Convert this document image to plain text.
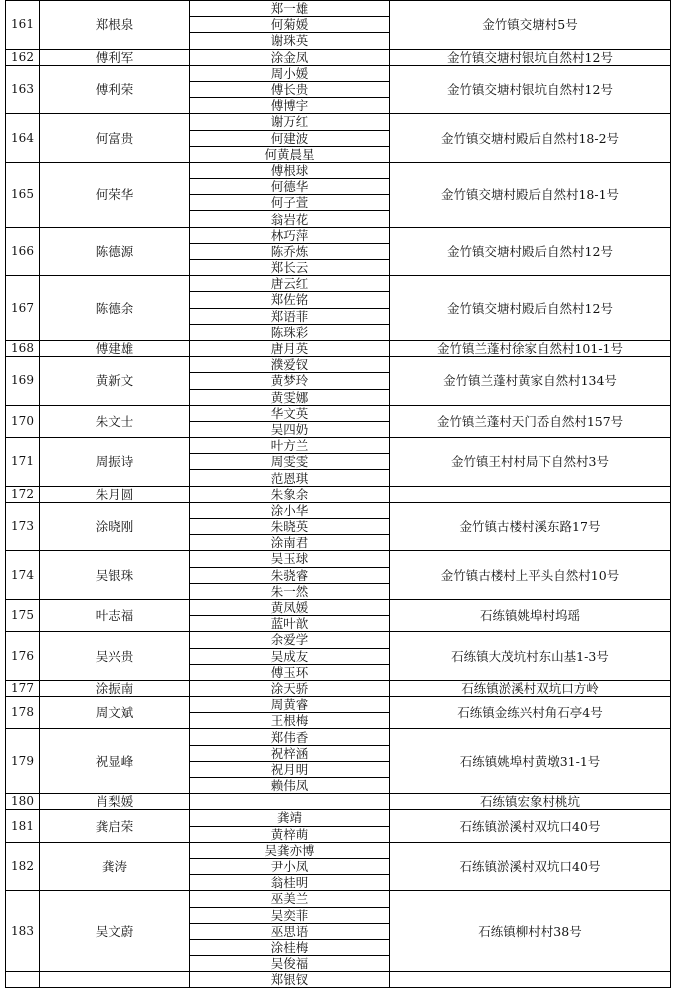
161	郑根泉	郑一雄	金竹镇交塘村5号
		何菊媛	
		谢珠英	
162	傅利军	涂金凤	金竹镇交塘村银坑自然村12号
163	傅利荣	周小媛	金竹镇交塘村银坑自然村12号
		傅长贵	
		傅博宇	
164	何富贵	谢万红	金竹镇交塘村殿后自然村18-2号
		何建波	
		何黄晨星	
165	何荣华	傅根球	金竹镇交塘村殿后自然村18-1号
		何德华	
		何子萱	
		翁岩花	
166	陈德源	林巧萍	金竹镇交塘村殿后自然村12号
		陈乔炼	
		郑长云	
167	陈德余	唐云红	金竹镇交塘村殿后自然村12号
		郑佐铭	
		郑语菲	
		陈珠彩	
168	傅建雄	唐月英	金竹镇兰蓬村徐家自然村101-1号
169	黄新文	濮爱钗	金竹镇兰蓬村黄家自然村134号
		黄梦玲	
		黄雯娜	
170	朱文士	华文英	金竹镇兰蓬村天门岙自然村157号
		吴四奶	
171	周振诗	叶方兰	金竹镇王村村局下自然村3号
		周雯雯	
		范恩琪	
172	朱月圆	朱象余	
173	涂晓刚	涂小华	金竹镇古楼村溪东路17号
		朱晓英	
		涂南君	
174	吴银珠	吴玉球	金竹镇古楼村上平头自然村10号
		朱骁睿	
		朱一然	
175	叶志福	黄凤媛	石练镇姚埠村坞瑶
		蓝叶歆	
176	吴兴贵	余爱学	石练镇大茂坑村东山基1-3号
		吴成友	
		傅玉环	
177	涂振南	涂天骄	石练镇淤溪村双坑口方岭
178	周文斌	周黄睿	石练镇金练兴村角石亭4号
		王根梅	
179	祝显峰	郑伟香	石练镇姚埠村黄墩31-1号
		祝梓涵	
		祝月明	
		赖伟凤	
180	肖梨媛		石练镇宏象村桃坑
181	龚启荣	龚靖	石练镇淤溪村双坑口40号
		黄梓萌	
182	龚涛	吴龚亦博	石练镇淤溪村双坑口40号
		尹小凤	
		翁桂明	
183	吴文蔚	巫美兰	石练镇柳村村38号
		吴奕菲	
		巫思语	
		涂桂梅	
		吴俊福	
		郑银钗	
